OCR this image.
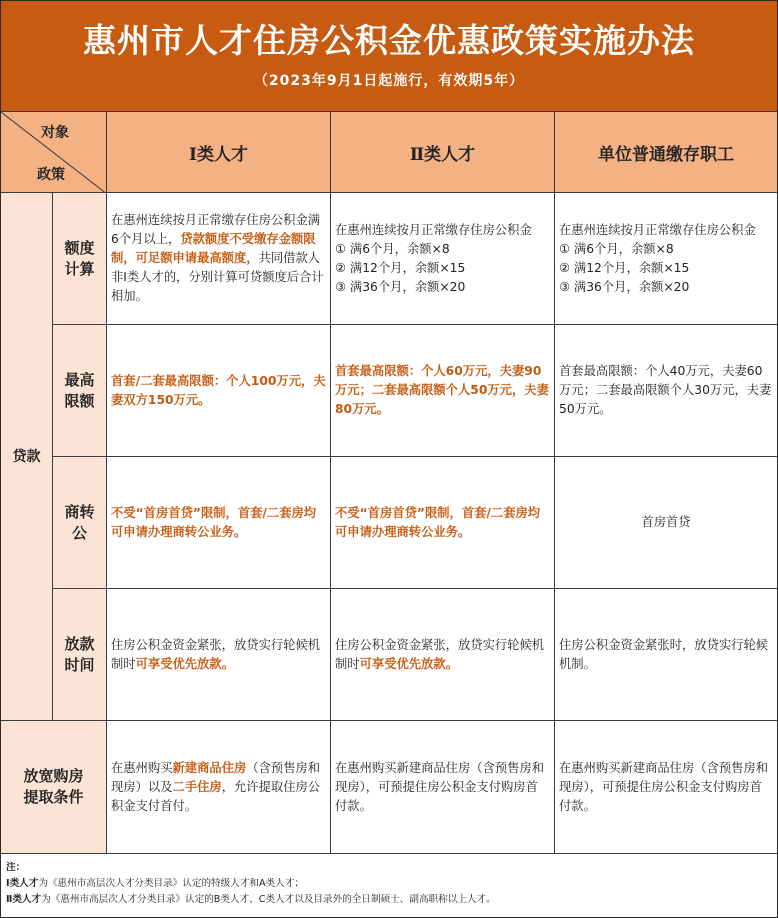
惠州市人才住房公积金优惠政策实施办法
（2023年9月1日起施行，有效期5年）
对象
政策
Ⅰ类人才	Ⅱ类人才	单位普通缴存职工
贷款
额度
计算
在惠州连续按月正常缴存住房公积金满6个月以上，贷款额度不受缴存金额限制，可足额申请最高额度，共同借款人非Ⅰ类人才的，分别计算可贷额度后合计相加。
在惠州连续按月正常缴存住房公积金
① 满6个月，余额×8
② 满12个月，余额×15
③ 满36个月，余额×20
在惠州连续按月正常缴存住房公积金
① 满6个月，余额×8
② 满12个月，余额×15
③ 满36个月，余额×20
最高
限额
首套/二套最高限额：个人100万元，夫妻双方150万元。
首套最高限额：个人60万元，夫妻90万元；二套最高限额个人50万元，夫妻80万元。
首套最高限额：个人40万元，夫妻60万元；二套最高限额个人30万元，夫妻50万元。
商转
公
不受“首房首贷”限制，首套/二套房均可申请办理商转公业务。
不受“首房首贷”限制，首套/二套房均可申请办理商转公业务。
首房首贷
放款
时间
住房公积金资金紧张，放贷实行轮候机制时可享受优先放款。
住房公积金资金紧张，放贷实行轮候机制时可享受优先放款。
住房公积金资金紧张时，放贷实行轮候机制。
放宽购房
提取条件
在惠州购买新建商品住房（含预售房和现房）以及二手住房，允许提取住房公积金支付首付。
在惠州购买新建商品住房（含预售房和现房），可预提住房公积金支付购房首付款。
在惠州购买新建商品住房（含预售房和现房），可预提住房公积金支付购房首付款。
注：
Ⅰ类人才为《惠州市高层次人才分类目录》认定的特级人才和A类人才；
Ⅱ类人才为《惠州市高层次人才分类目录》认定的B类人才、C类人才以及目录外的全日制硕士、副高职称以上人才。
